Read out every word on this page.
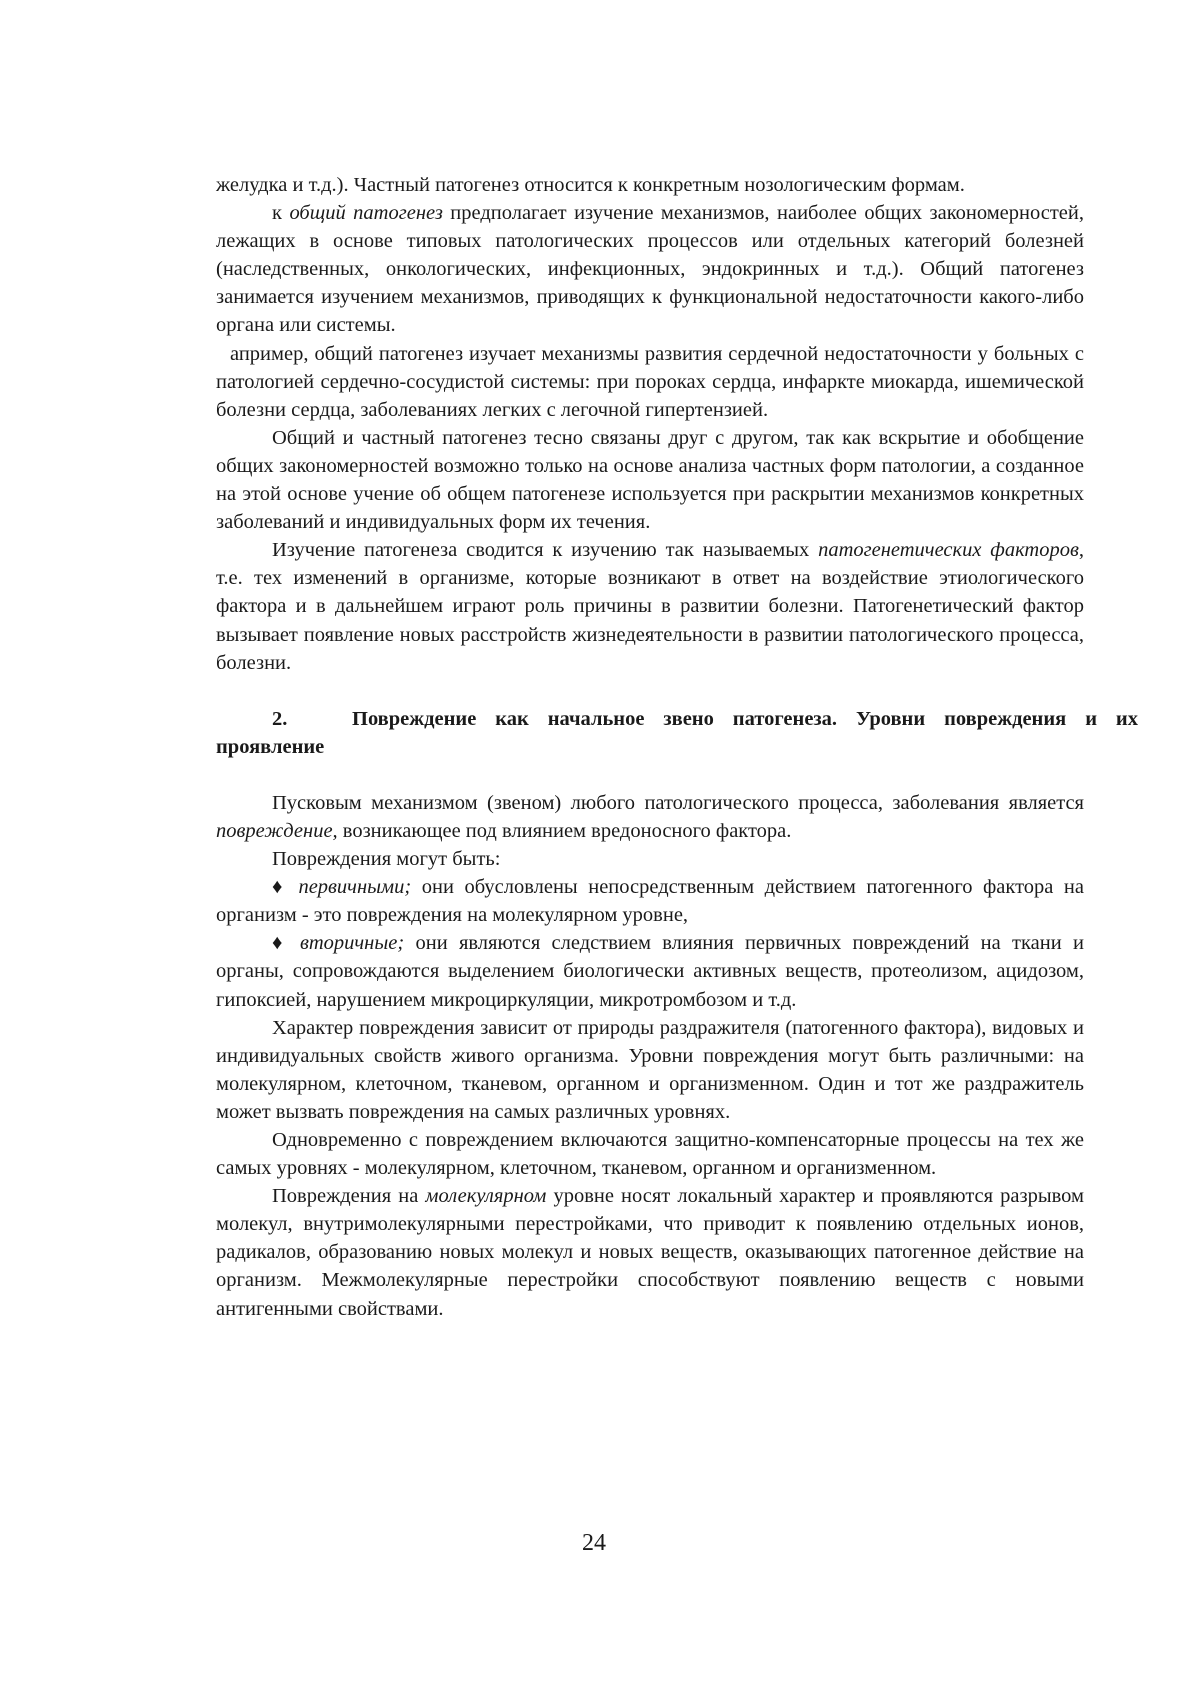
желудка и т.д.). Частный патогенез относится к конкретным нозологическим формам.

к общий патогенез предполагает изучение механизмов, наиболее общих закономерностей, лежащих в основе типовых патологических процессов или отдельных категорий болезней (наследственных, онкологических, инфекционных, эндокринных и т.д.). Общий патогенез занимается изучением механизмов, приводящих к функциональной недостаточности какого-либо органа или системы.

априм​ер, общий патогенез изучает механизмы развития сердечной недостаточности у больных с патологией сердечно-сосудистой системы: при пороках сердца, инфаркте миокарда, ишемической болезни сердца, заболеваниях легких с легочной гипертензией.

Общий и частный патогенез тесно связаны друг с другом, так как вскрытие и обобщение общих закономерностей возможно только на основе анализа частных форм патологии, а созданное на этой основе учение об общем патогенезе используется при раскрытии механизмов конкретных заболеваний и индивидуальных форм их течения.

Изучение патогенеза сводится к изучению так называемых патогенетических факторов, т.е. тех изменений в организме, которые возникают в ответ на воздействие этиологического фактора и в дальнейшем играют роль причины в развитии болезни. Патогенетический фактор вызывает появление новых расстройств жизнедеятельности в развитии патологического процесса, болезни.

2.	Повреждение как начальное звено патогенеза. Уровни повреждения и их проявление

Пусковым механизмом (звеном) любого патологического процесса, заболевания является повреждение, возникающее под влиянием вредоносного фактора.

Повреждения могут быть:

♦ первичными; они обусловлены непосредственным действием патогенного фактора на организм - это повреждения на молекулярном уровне,

♦ вторичные; они являются следствием влияния первичных повреждений на ткани и органы, сопровождаются выделением биологически активных веществ, протеолизом, ацидозом, гипоксией, нарушением микроциркуляции, микротромбозом и т.д.

Характер повреждения зависит от природы раздражителя (патогенного фактора), видовых и индивидуальных свойств живого организма. Уровни повреждения могут быть различными: на молекулярном, клеточном, тканевом, органном и организменном. Один и тот же раздражитель может вызвать повреждения на самых различных уровнях.

Одновременно с повреждением включаются защитно-компенсаторные процессы на тех же самых уровнях - молекулярном, клеточном, тканевом, органном и организменном.

Повреждения на молекулярном уровне носят локальный характер и проявляются разрывом молекул, внутримолекулярными перестройками, что приводит к появлению отдельных ионов, радикалов, образованию новых молекул и новых веществ, оказывающих патогенное действие на организм. Межмолекулярные перестройки способствуют появлению веществ с новыми антигенными свойствами.

24
